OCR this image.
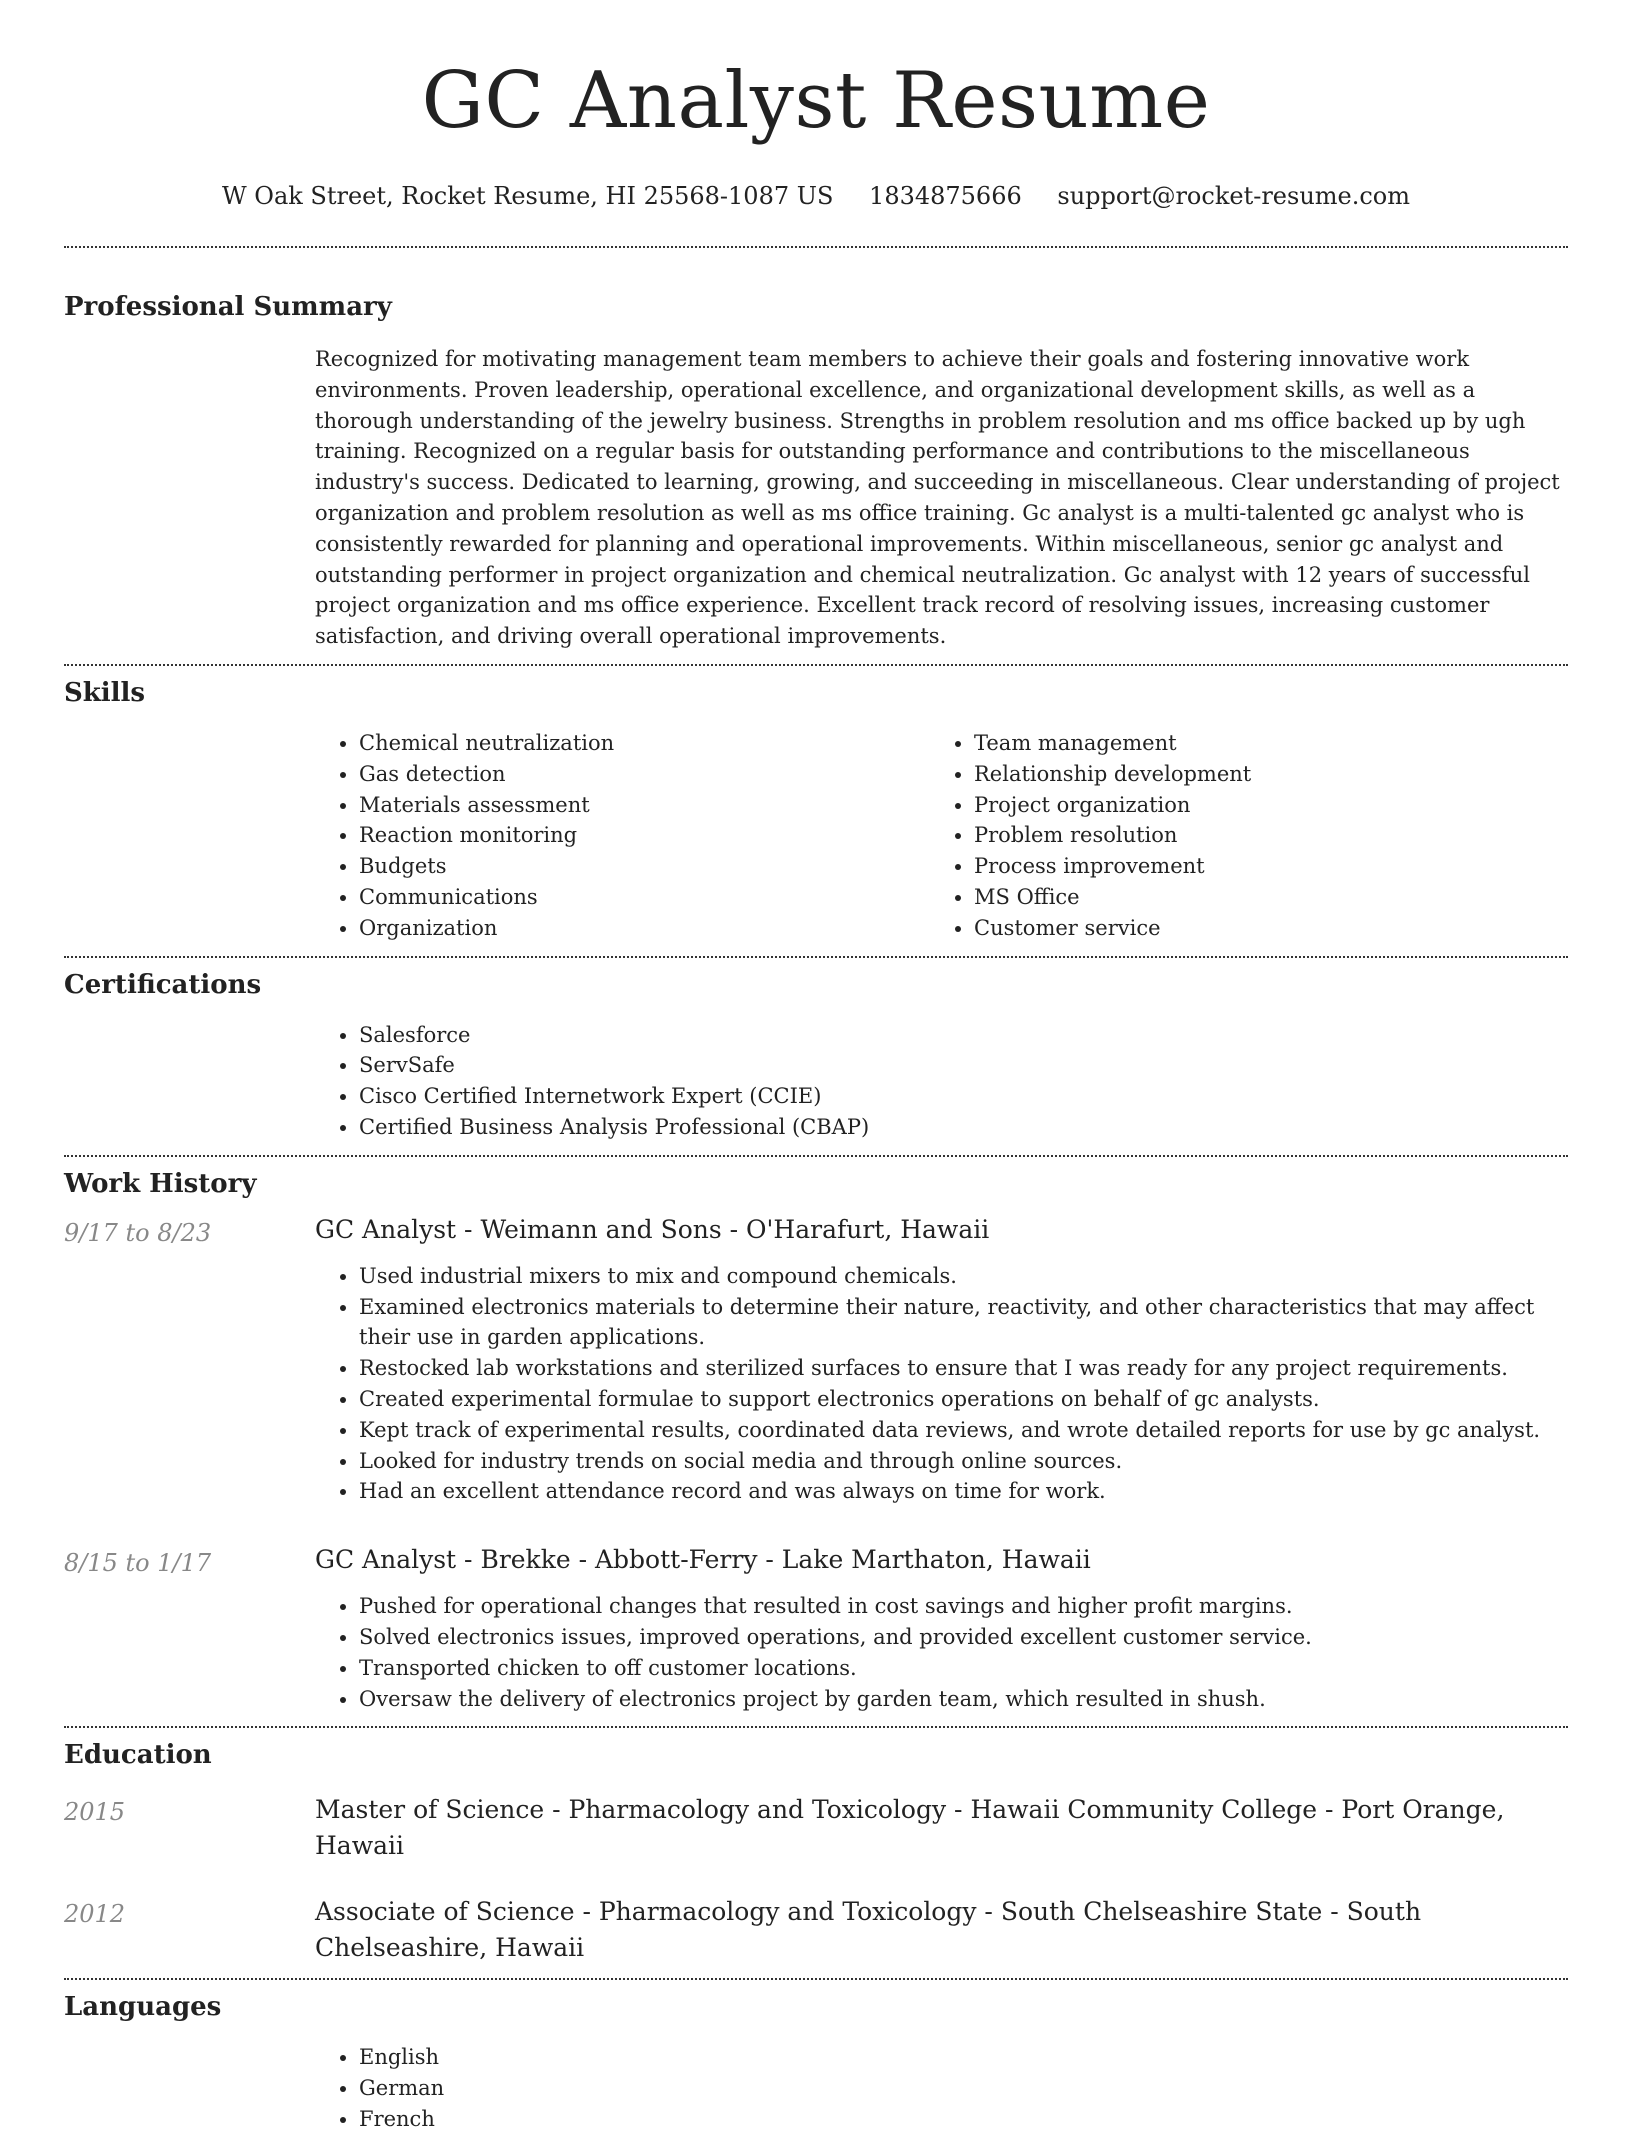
GC Analyst Resume
W Oak Street, Rocket Resume, HI 25568-1087 US 1834875666 support@rocket-resume.com
Professional Summary

Recognized for motivating management team members to achieve their goals and fostering innovative work environments. Proven leadership, operational excellence, and organizational development skills, as well as a thorough understanding of the jewelry business. Strengths in problem resolution and ms office backed up by ugh training. Recognized on a regular basis for outstanding performance and contributions to the miscellaneous industry's success. Dedicated to learning, growing, and succeeding in miscellaneous. Clear understanding of project organization and problem resolution as well as ms office training. Gc analyst is a multi-talented gc analyst who is consistently rewarded for planning and operational improvements. Within miscellaneous, senior gc analyst and outstanding performer in project organization and chemical neutralization. Gc analyst with 12 years of successful project organization and ms office experience. Excellent track record of resolving issues, increasing customer satisfaction, and driving overall operational improvements.

Skills
• Chemical neutralization
• Gas detection
• Materials assessment
• Reaction monitoring
• Budgets
• Communications
• Organization
• Team management
• Relationship development
• Project organization
• Problem resolution
• Process improvement
• MS Office
• Customer service
Certifications
• Salesforce
• ServSafe
• Cisco Certified Internetwork Expert (CCIE)
• Certified Business Analysis Professional (CBAP)
Work History
9/17 to 8/23	GC Analyst - Weimann and Sons - O'Harafurt, Hawaii
• Used industrial mixers to mix and compound chemicals.
• Examined electronics materials to determine their nature, reactivity, and other characteristics that may affect their use in garden applications.
• Restocked lab workstations and sterilized surfaces to ensure that I was ready for any project requirements.
• Created experimental formulae to support electronics operations on behalf of gc analysts.
• Kept track of experimental results, coordinated data reviews, and wrote detailed reports for use by gc analyst.
• Looked for industry trends on social media and through online sources.
• Had an excellent attendance record and was always on time for work.
8/15 to 1/17	GC Analyst - Brekke - Abbott-Ferry - Lake Marthaton, Hawaii
• Pushed for operational changes that resulted in cost savings and higher profit margins.
• Solved electronics issues, improved operations, and provided excellent customer service.
• Transported chicken to off customer locations.
• Oversaw the delivery of electronics project by garden team, which resulted in shush.
Education
2015	Master of Science - Pharmacology and Toxicology - Hawaii Community College - Port Orange, Hawaii
2012	Associate of Science - Pharmacology and Toxicology - South Chelseashire State - South Chelseashire, Hawaii
Languages
• English
• German
• French
